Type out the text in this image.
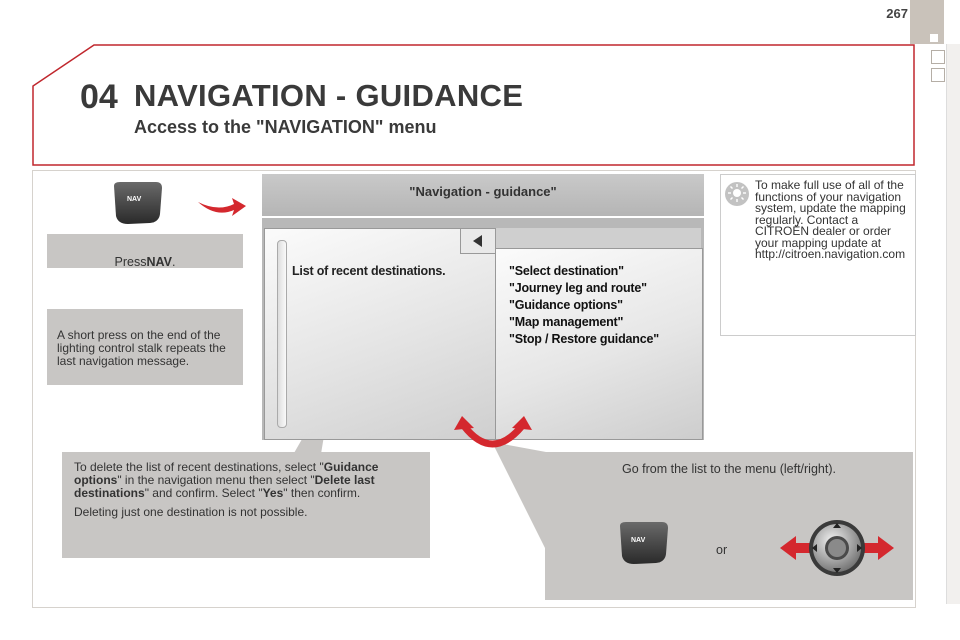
267
04 NAVIGATION - GUIDANCE
Access to the "NAVIGATION" menu
NAV
PressNAV.
A short press on the end of the lighting control stalk repeats the last navigation message.
"Navigation - guidance"
List of recent destinations.	"Select destination"
"Journey leg and route"
"Guidance options"
"Map management"
"Stop / Restore guidance"
To make full use of all of the functions of your navigation system, update the mapping regularly. Contact a CITROËN dealer or order your mapping update at http://citroen.navigation.com

To delete the list of recent destinations, select "Guidance options" in the navigation menu then select "Delete last destinations" and confirm. Select "Yes" then confirm.

Deleting just one destination is not possible.

Go from the list to the menu (left/right).
NAV
or
